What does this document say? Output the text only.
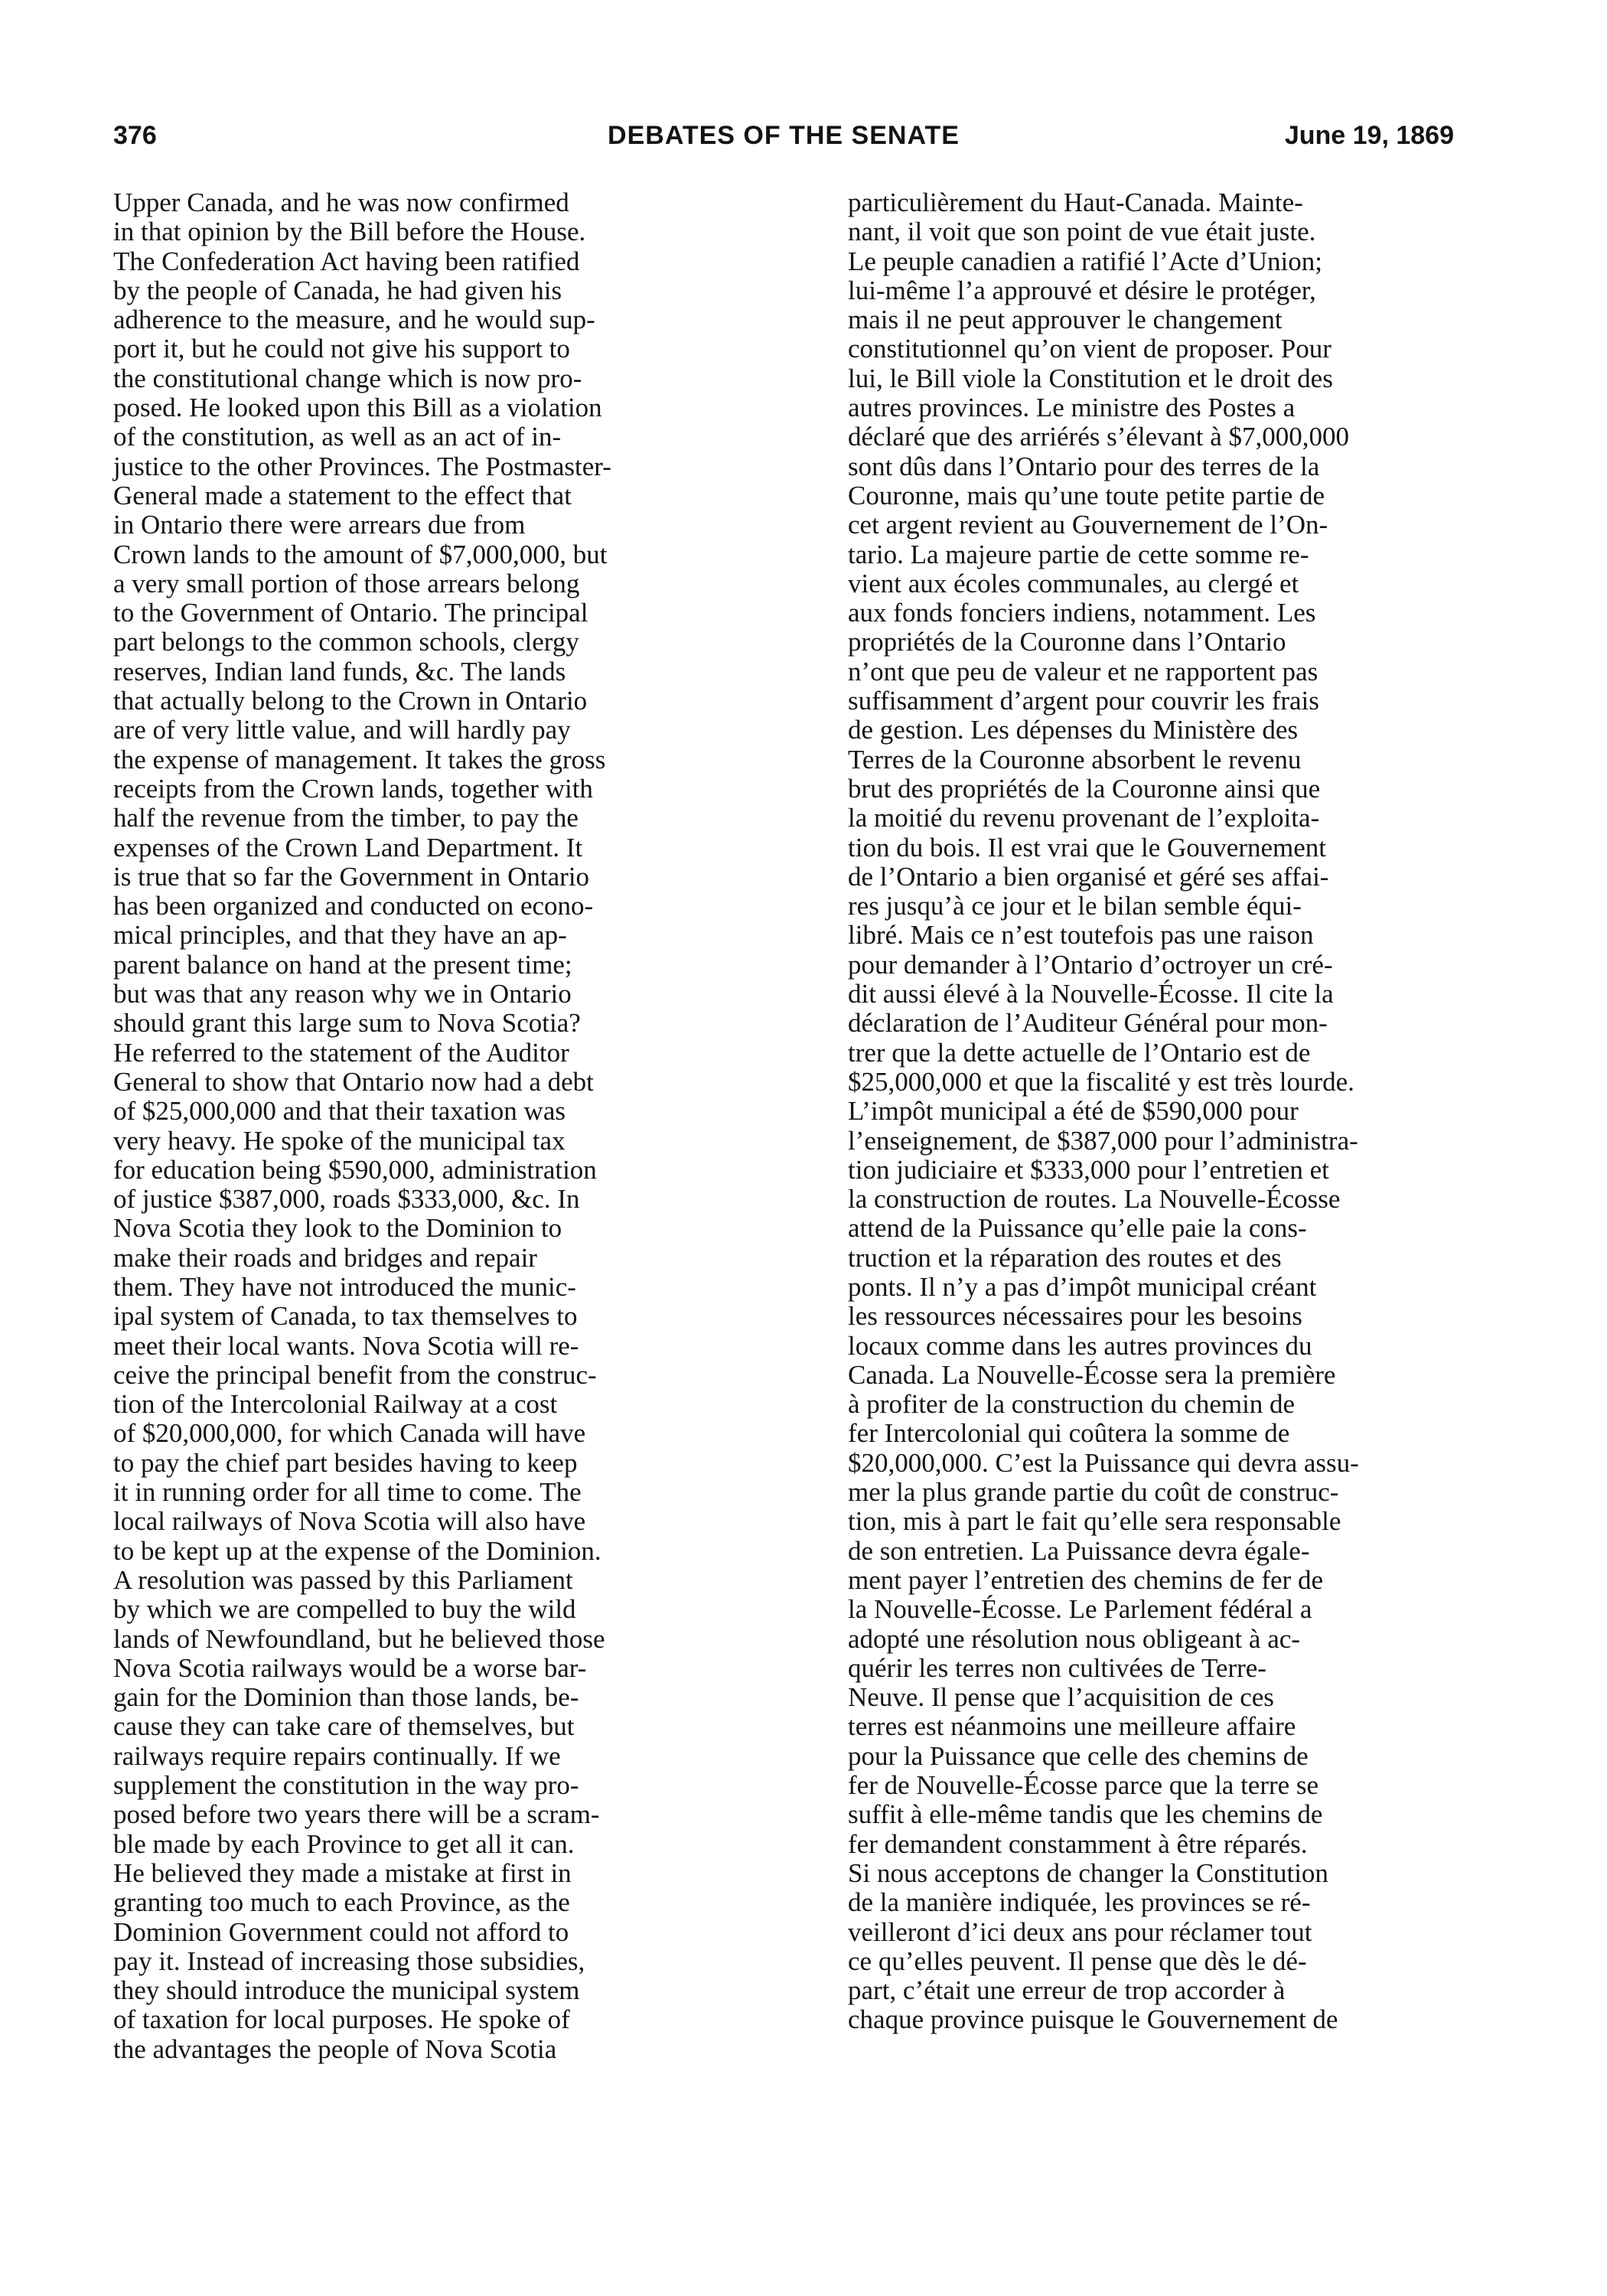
376	DEBATES OF THE SENATE	June 19, 1869
Upper Canada, and he was now confirmed
in that opinion by the Bill before the House.
The Confederation Act having been ratified
by the people of Canada, he had given his
adherence to the measure, and he would sup-
port it, but he could not give his support to
the constitutional change which is now pro-
posed. He looked upon this Bill as a violation
of the constitution, as well as an act of in-
justice to the other Provinces. The Postmaster-
General made a statement to the effect that
in Ontario there were arrears due from
Crown lands to the amount of $7,000,000, but
a very small portion of those arrears belong
to the Government of Ontario. The principal
part belongs to the common schools, clergy
reserves, Indian land funds, &c. The lands
that actually belong to the Crown in Ontario
are of very little value, and will hardly pay
the expense of management. It takes the gross
receipts from the Crown lands, together with
half the revenue from the timber, to pay the
expenses of the Crown Land Department. It
is true that so far the Government in Ontario
has been organized and conducted on econo-
mical principles, and that they have an ap-
parent balance on hand at the present time;
but was that any reason why we in Ontario
should grant this large sum to Nova Scotia?
He referred to the statement of the Auditor
General to show that Ontario now had a debt
of $25,000,000 and that their taxation was
very heavy. He spoke of the municipal tax
for education being $590,000, administration
of justice $387,000, roads $333,000, &c. In
Nova Scotia they look to the Dominion to
make their roads and bridges and repair
them. They have not introduced the munic-
ipal system of Canada, to tax themselves to
meet their local wants. Nova Scotia will re-
ceive the principal benefit from the construc-
tion of the Intercolonial Railway at a cost
of $20,000,000, for which Canada will have
to pay the chief part besides having to keep
it in running order for all time to come. The
local railways of Nova Scotia will also have
to be kept up at the expense of the Dominion.
A resolution was passed by this Parliament
by which we are compelled to buy the wild
lands of Newfoundland, but he believed those
Nova Scotia railways would be a worse bar-
gain for the Dominion than those lands, be-
cause they can take care of themselves, but
railways require repairs continually. If we
supplement the constitution in the way pro-
posed before two years there will be a scram-
ble made by each Province to get all it can.
He believed they made a mistake at first in
granting too much to each Province, as the
Dominion Government could not afford to
pay it. Instead of increasing those subsidies,
they should introduce the municipal system
of taxation for local purposes. He spoke of
the advantages the people of Nova Scotia
particulièrement du Haut-Canada. Mainte-
nant, il voit que son point de vue était juste.
Le peuple canadien a ratifié l’Acte d’Union;
lui-même l’a approuvé et désire le protéger,
mais il ne peut approuver le changement
constitutionnel qu’on vient de proposer. Pour
lui, le Bill viole la Constitution et le droit des
autres provinces. Le ministre des Postes a
déclaré que des arriérés s’élevant à $7,000,000
sont dûs dans l’Ontario pour des terres de la
Couronne, mais qu’une toute petite partie de
cet argent revient au Gouvernement de l’On-
tario. La majeure partie de cette somme re-
vient aux écoles communales, au clergé et
aux fonds fonciers indiens, notamment. Les
propriétés de la Couronne dans l’Ontario
n’ont que peu de valeur et ne rapportent pas
suffisamment d’argent pour couvrir les frais
de gestion. Les dépenses du Ministère des
Terres de la Couronne absorbent le revenu
brut des propriétés de la Couronne ainsi que
la moitié du revenu provenant de l’exploita-
tion du bois. Il est vrai que le Gouvernement
de l’Ontario a bien organisé et géré ses affai-
res jusqu’à ce jour et le bilan semble équi-
libré. Mais ce n’est toutefois pas une raison
pour demander à l’Ontario d’octroyer un cré-
dit aussi élevé à la Nouvelle-Écosse. Il cite la
déclaration de l’Auditeur Général pour mon-
trer que la dette actuelle de l’Ontario est de
$25,000,000 et que la fiscalité y est très lourde.
L’impôt municipal a été de $590,000 pour
l’enseignement, de $387,000 pour l’administra-
tion judiciaire et $333,000 pour l’entretien et
la construction de routes. La Nouvelle-Écosse
attend de la Puissance qu’elle paie la cons-
truction et la réparation des routes et des
ponts. Il n’y a pas d’impôt municipal créant
les ressources nécessaires pour les besoins
locaux comme dans les autres provinces du
Canada. La Nouvelle-Écosse sera la première
à profiter de la construction du chemin de
fer Intercolonial qui coûtera la somme de
$20,000,000. C’est la Puissance qui devra assu-
mer la plus grande partie du coût de construc-
tion, mis à part le fait qu’elle sera responsable
de son entretien. La Puissance devra égale-
ment payer l’entretien des chemins de fer de
la Nouvelle-Écosse. Le Parlement fédéral a
adopté une résolution nous obligeant à ac-
quérir les terres non cultivées de Terre-
Neuve. Il pense que l’acquisition de ces
terres est néanmoins une meilleure affaire
pour la Puissance que celle des chemins de
fer de Nouvelle-Écosse parce que la terre se
suffit à elle-même tandis que les chemins de
fer demandent constamment à être réparés.
Si nous acceptons de changer la Constitution
de la manière indiquée, les provinces se ré-
veilleront d’ici deux ans pour réclamer tout
ce qu’elles peuvent. Il pense que dès le dé-
part, c’était une erreur de trop accorder à
chaque province puisque le Gouvernement de
